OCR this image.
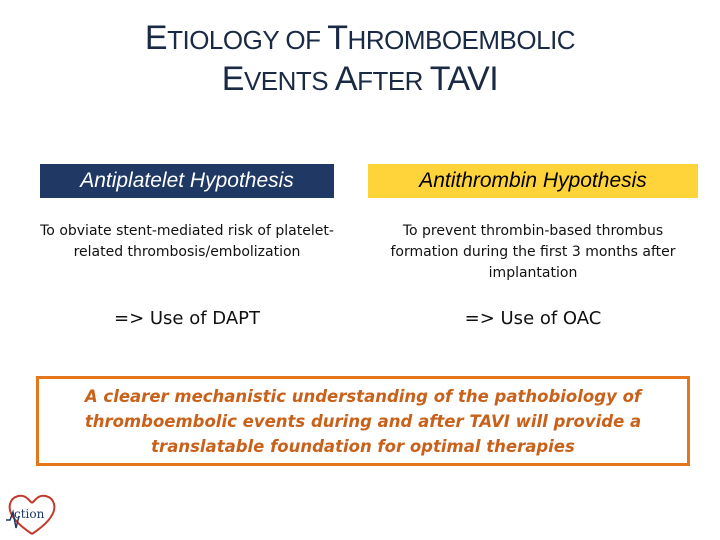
ETIOLOGY OF THROMBOEMBOLIC
EVENTS AFTER TAVI
Antiplatelet Hypothesis	Antithrombin Hypothesis
To obviate stent-mediated risk of platelet-related thrombosis/embolization
To prevent thrombin-based thrombus formation during the first 3 months after implantation
=> Use of DAPT	=> Use of OAC

A clearer mechanistic understanding of the pathobiology of thromboembolic events during and after TAVI will provide a translatable foundation for optimal therapies

ction
